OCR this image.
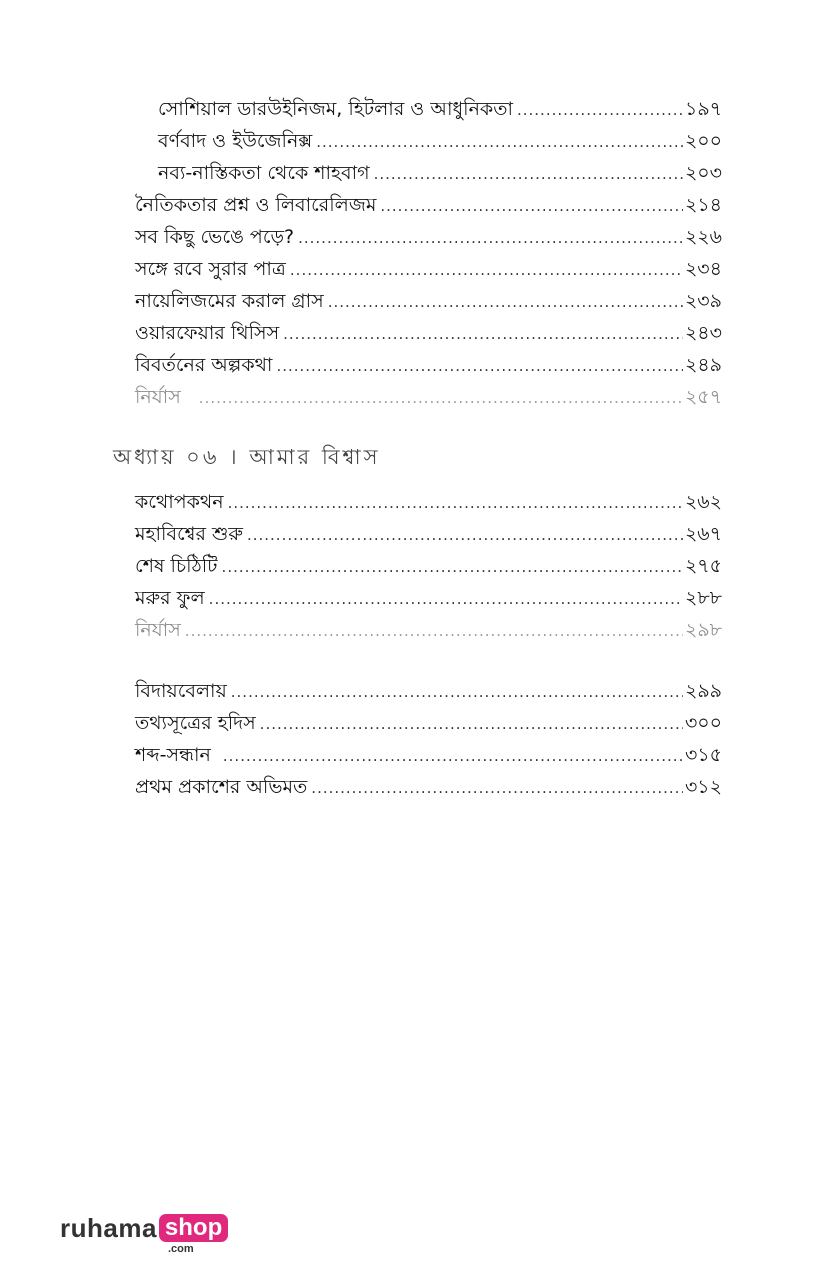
সোশিয়াল ডারউইনিজম, হিটলার ও আধুনিকতা .....	১৯৭
বর্ণবাদ ও ইউজেনিক্স .....	২০০
নব্য-নাস্তিকতা থেকে শাহবাগ .....	২০৩
নৈতিকতার প্রশ্ন ও লিবারেলিজম .....	২১৪
সব কিছু ভেঙে পড়ে? .....	২২৬
সঙ্গে রবে সুরার পাত্র .....	২৩৪
নায়েলিজমের করাল গ্রাস .....	২৩৯
ওয়ারফেয়ার থিসিস .....	২৪৩
বিবর্তনের অল্পকথা .....	২৪৯
নির্যাস .....	২৫৭
অধ্যায় ০৬ । আমার বিশ্বাস
কথোপকথন .....	২৬২
মহাবিশ্বের শুরু .....	২৬৭
শেষ চিঠিটি .....	২৭৫
মরুর ফুল .....	২৮৮
নির্যাস .....	২৯৮
বিদায়বেলায় .....	২৯৯
তথ্যসূত্রের হদিস .....	৩০০
শব্দ-সন্ধান .....	৩১৫
প্রথম প্রকাশের অভিমত .....	৩১২
ruhama shop
.com
